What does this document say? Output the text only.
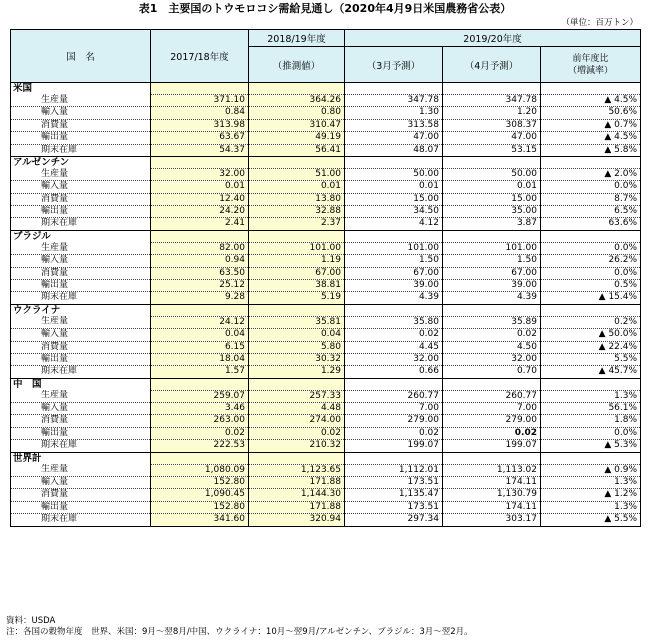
表1　主要国のトウモロコシ需給見通し（2020年4月9日米国農務省公表）
（単位：百万トン）
国　名	2017/18年度	2018/19年度	2019/20年度		
		（推測値）	（3月予測）	（4月予測）	前年度比
（増減率）

米国					
生産量	371.10	364.26	347.78	347.78	▲ 4.5%
輸入量	0.84	0.80	1.30	1.20	50.6%
消費量	313.98	310.47	313.58	308.37	▲ 0.7%
輸出量	63.67	49.19	47.00	47.00	▲ 4.5%
期末在庫	54.37	56.41	48.07	53.15	▲ 5.8%
アルゼンチン					
生産量	32.00	51.00	50.00	50.00	▲ 2.0%
輸入量	0.01	0.01	0.01	0.01	0.0%
消費量	12.40	13.80	15.00	15.00	8.7%
輸出量	24.20	32.88	34.50	35.00	6.5%
期末在庫	2.41	2.37	4.12	3.87	63.6%
ブラジル					
生産量	82.00	101.00	101.00	101.00	0.0%
輸入量	0.94	1.19	1.50	1.50	26.2%
消費量	63.50	67.00	67.00	67.00	0.0%
輸出量	25.12	38.81	39.00	39.00	0.5%
期末在庫	9.28	5.19	4.39	4.39	▲ 15.4%
ウクライナ					
生産量	24.12	35.81	35.80	35.89	0.2%
輸入量	0.04	0.04	0.02	0.02	▲ 50.0%
消費量	6.15	5.80	4.45	4.50	▲ 22.4%
輸出量	18.04	30.32	32.00	32.00	5.5%
期末在庫	1.57	1.29	0.66	0.70	▲ 45.7%
中　国					
生産量	259.07	257.33	260.77	260.77	1.3%
輸入量	3.46	4.48	7.00	7.00	56.1%
消費量	263.00	274.00	279.00	279.00	1.8%
輸出量	0.02	0.02	0.02	0.02	0.0%
期末在庫	222.53	210.32	199.07	199.07	▲ 5.3%
世界計					
生産量	1,080.09	1,123.65	1,112.01	1,113.02	▲ 0.9%
輸入量	152.80	171.88	173.51	174.11	1.3%
消費量	1,090.45	1,144.30	1,135.47	1,130.79	▲ 1.2%
輸出量	152.80	171.88	173.51	174.11	1.3%
期末在庫	341.60	320.94	297.34	303.17	▲ 5.5%
資料：USDA
注：各国の穀物年度　世界、米国：9月～翌8月/中国、ウクライナ：10月～翌9月/アルゼンチン、ブラジル：3月～翌2月。
